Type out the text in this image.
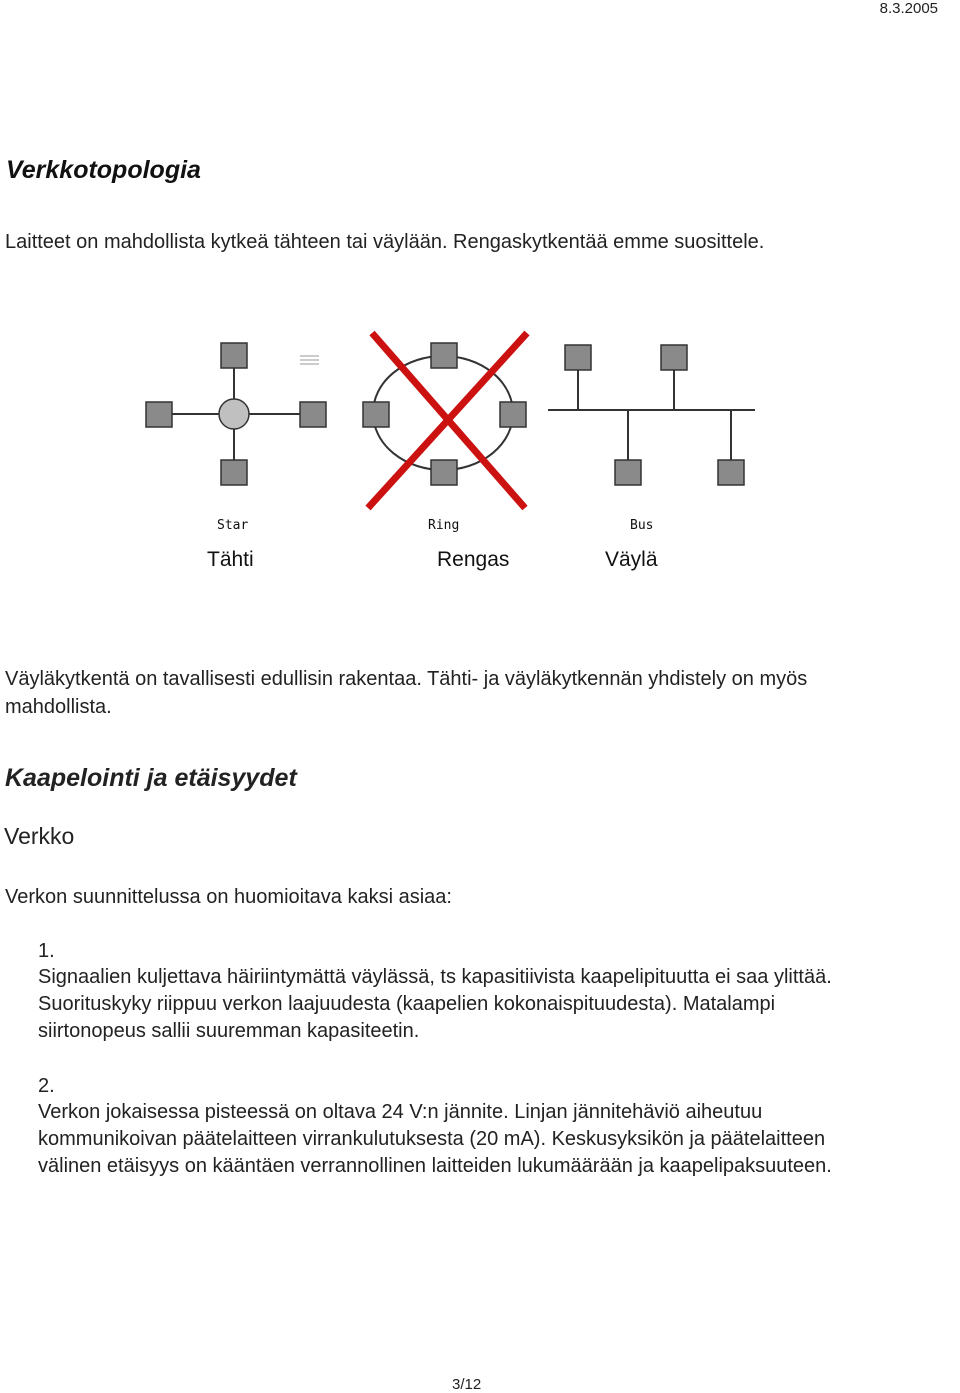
8.3.2005
Verkkotopologia
Laitteet on mahdollista kytkeä tähteen tai väylään. Rengaskytkentää emme suosittele.
Star	Ring	Bus
Tähti	Rengas	Väylä
Väyläkytkentä on tavallisesti edullisin rakentaa. Tähti- ja väyläkytkennän yhdistely on myös
mahdollista.
Kaapelointi ja etäisyydet
Verkko
Verkon suunnittelussa on huomioitava kaksi asiaa:
1.
Signaalien kuljettava häiriintymättä väylässä, ts kapasitiivista kaapelipituutta ei saa ylittää.
Suorituskyky riippuu verkon laajuudesta (kaapelien kokonaispituudesta). Matalampi
siirtonopeus sallii suuremman kapasiteetin.
2.
Verkon jokaisessa pisteessä on oltava 24 V:n jännite. Linjan jännitehäviö aiheutuu
kommunikoivan päätelaitteen virrankulutuksesta (20 mA). Keskusyksikön ja päätelaitteen
välinen etäisyys on kääntäen verrannollinen laitteiden lukumäärään ja kaapelipaksuuteen.
3/12
